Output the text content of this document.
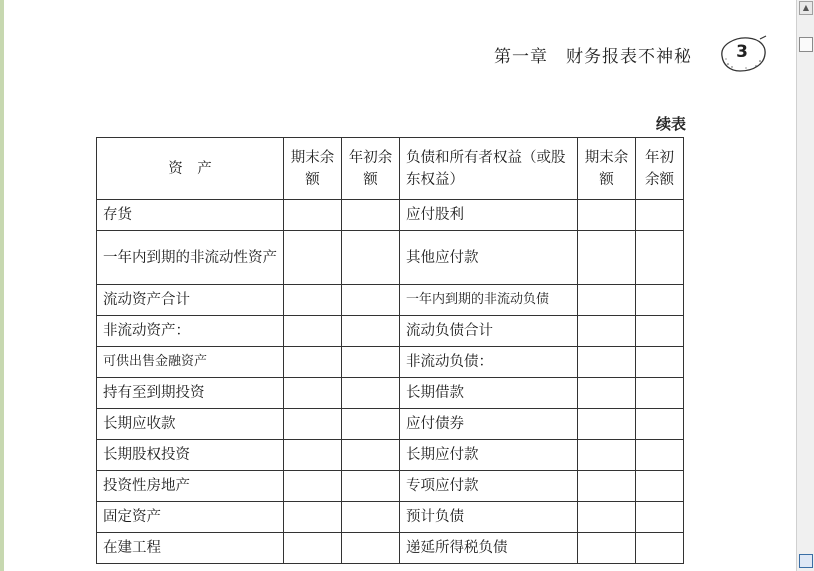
第一章　财务报表不神秘	3
续表
资　产	期末余额	年初余额	负债和所有者权益（或股东权益）	期末余额	年初余额
存货			应付股利		
一年内到期的非流动性资产			其他应付款		
流动资产合计			一年内到期的非流动负债		
非流动资产：			流动负债合计		
可供出售金融资产			非流动负债：		
持有至到期投资			长期借款		
长期应收款			应付债券		
长期股权投资			长期应付款		
投资性房地产			专项应付款		
固定资产			预计负债		
在建工程			递延所得税负债		
▲
